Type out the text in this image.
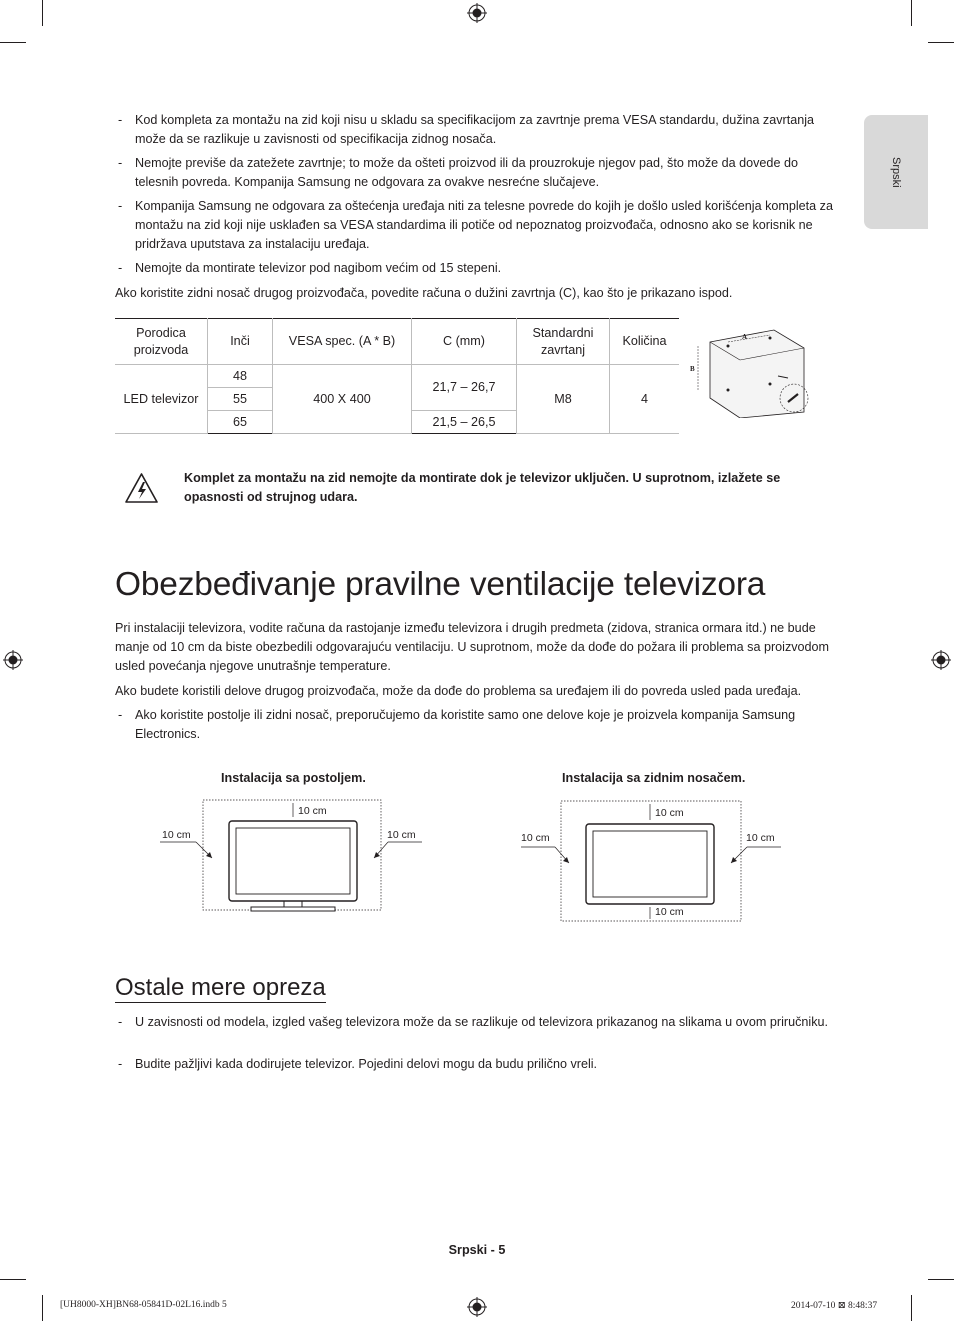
Srpski
- Kod kompleta za montažu na zid koji nisu u skladu sa specifikacijom za zavrtnje prema VESA standardu, dužina zavrtanja može da se razlikuje u zavisnosti od specifikacija zidnog nosača.
- Nemojte previše da zatežete zavrtnje; to može da ošteti proizvod ili da prouzrokuje njegov pad, što može da dovede do telesnih povreda. Kompanija Samsung ne odgovara za ovakve nesrećne slučajeve.
- Kompanija Samsung ne odgovara za oštećenja uređaja niti za telesne povrede do kojih je došlo usled korišćenja kompleta za montažu na zid koji nije usklađen sa VESA standardima ili potiče od nepoznatog proizvođača, odnosno ako se korisnik ne pridržava uputstava za instalaciju uređaja.
- Nemojte da montirate televizor pod nagibom većim od 15 stepeni.
Ako koristite zidni nosač drugog proizvođača, povedite računa o dužini zavrtnja (C), kao što je prikazano ispod.
Porodica proizvoda	Inči	VESA spec. (A * B)	C (mm)	Standardni zavrtanj	Količina
LED televizor	48	400 X 400	21,7 – 26,7	M8	4
	55				
	65		21,5 – 26,5		
A
B
Komplet za montažu na zid nemojte da montirate dok je televizor uključen. U suprotnom, izlažete se opasnosti od strujnog udara.
Obezbeđivanje pravilne ventilacije televizora
Pri instalaciji televizora, vodite računa da rastojanje između televizora i drugih predmeta (zidova, stranica ormara itd.) ne bude manje od 10 cm da biste obezbedili odgovarajuću ventilaciju. U suprotnom, može da dođe do požara ili problema sa proizvodom usled povećanja njegove unutrašnje temperature.
Ako budete koristili delove drugog proizvođača, može da dođe do problema sa uređajem ili do povreda usled pada uređaja.
- Ako koristite postolje ili zidni nosač, preporučujemo da koristite samo one delove koje je proizvela kompanija Samsung Electronics.
Instalacija sa postoljem.	Instalacija sa zidnim nosačem.
10 cm	10 cm
10 cm
10 cm	10 cm
10 cm
10 cm
Ostale mere opreza
- U zavisnosti od modela, izgled vašeg televizora može da se razlikuje od televizora prikazanog na slikama u ovom priručniku.
- Budite pažljivi kada dodirujete televizor. Pojedini delovi mogu da budu prilično vreli.
Srpski - 5
[UH8000-XH]BN68-05841D-02L16.indb 5	2014-07-10 ⊠ 8:48:37
